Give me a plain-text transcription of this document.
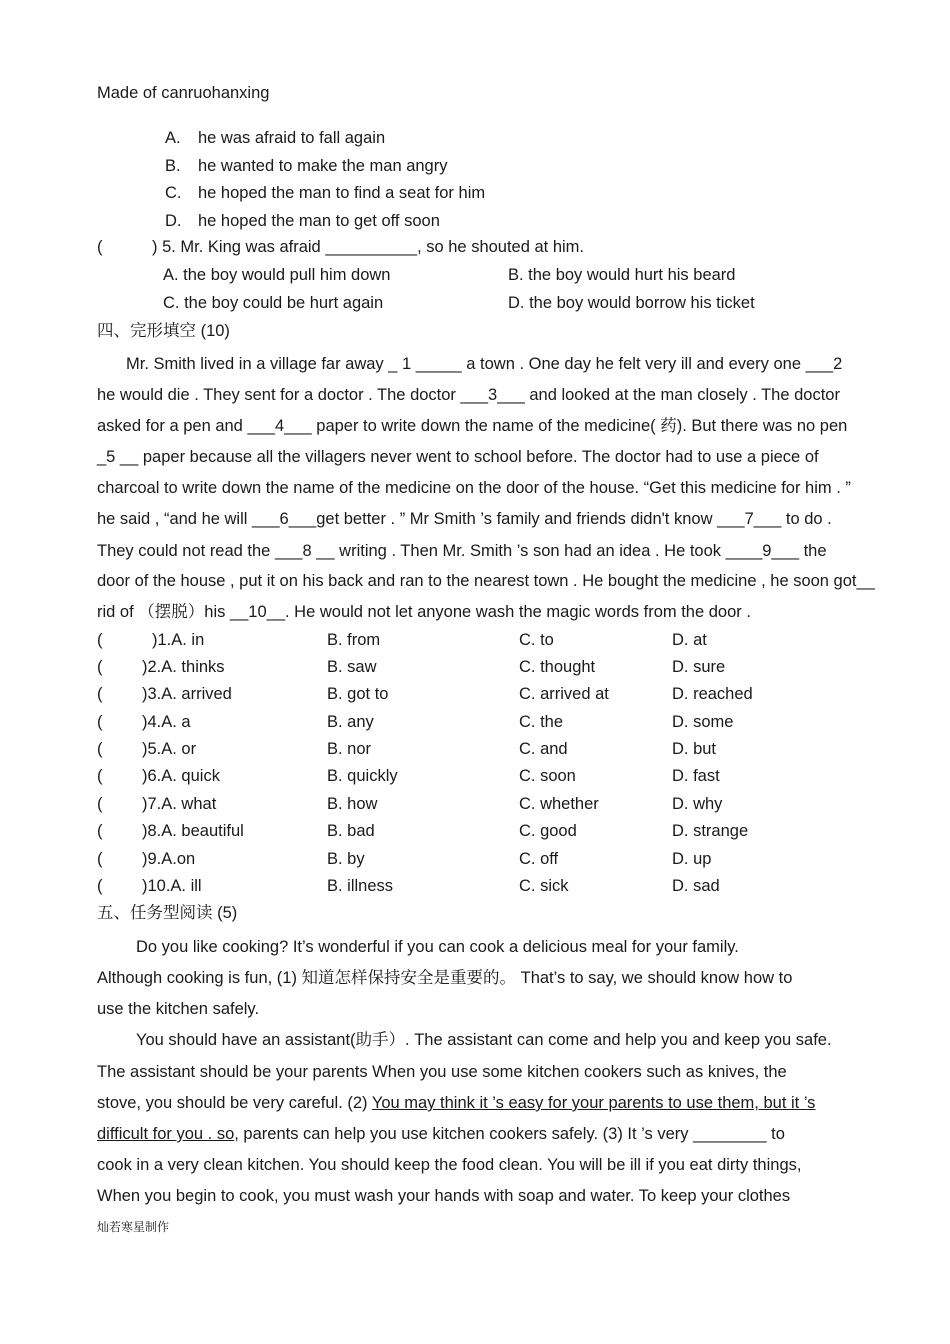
Made of canruohanxing
A. he was afraid to fall again
B. he wanted to make the man angry
C. he hoped the man to find a seat for him
D. he hoped the man to get off soon
(	) 5. Mr. King was afraid __________, so he shouted at him.
A. the boy would pull him down	B. the boy would hurt his beard
C. the boy could be hurt again	D. the boy would borrow his ticket
四、完形填空 (10)
Mr. Smith lived in a village far away _ 1 _____ a town . One day he felt very ill and every one ___2
he would die . They sent for a doctor . The doctor ___3___ and looked at the man closely . The doctor
asked for a pen and ___4___ paper to write down the name of the medicine( 药). But there was no pen
_5 __ paper because all the villagers never went to school before. The doctor had to use a piece of
charcoal to write down the name of the medicine on the door of the house. “Get this medicine for him . ”
he said , “and he will ___6___get better . ” Mr Smith ’s family and friends didn't know ___7___ to do .
They could not read the ___8 __ writing . Then Mr. Smith ’s son had an idea . He took ____9___ the
door of the house , put it on his back and ran to the nearest town . He bought the medicine , he soon got__
rid of （摆脱）his __10__. He would not let anyone wash the magic words from the door .
(	)1.A. in	B. from	C. to	D. at
( )2.A. thinks	B. saw	C. thought	D. sure
( )3.A. arrived	B. got to	C. arrived at	D. reached
( )4.A. a	B. any	C. the	D. some
( )5.A. or	B. nor	C. and	D. but
( )6.A. quick	B. quickly	C. soon	D. fast
( )7.A. what	B. how	C. whether	D. why
( )8.A. beautiful	B. bad	C. good	D. strange
( )9.A.on	B. by	C. off	D. up
( )10.A. ill	B. illness	C. sick	D. sad
五、任务型阅读 (5)
Do you like cooking? It’s wonderful if you can cook a delicious meal for your family.
Although cooking is fun, (1) 知道怎样保持安全是重要的。 That’s to say, we should know how to
use the kitchen safely.
You should have an assistant(助手）. The assistant can come and help you and keep you safe.
The assistant should be your parents When you use some kitchen cookers such as knives, the
stove, you should be very careful. (2) You may think it ’s easy for your parents to use them, but it ’s
difficult for you . so, parents can help you use kitchen cookers safely. (3) It ’s very ________ to
cook in a very clean kitchen. You should keep the food clean. You will be ill if you eat dirty things,
When you begin to cook, you must wash your hands with soap and water. To keep your clothes
灿若寒星制作
